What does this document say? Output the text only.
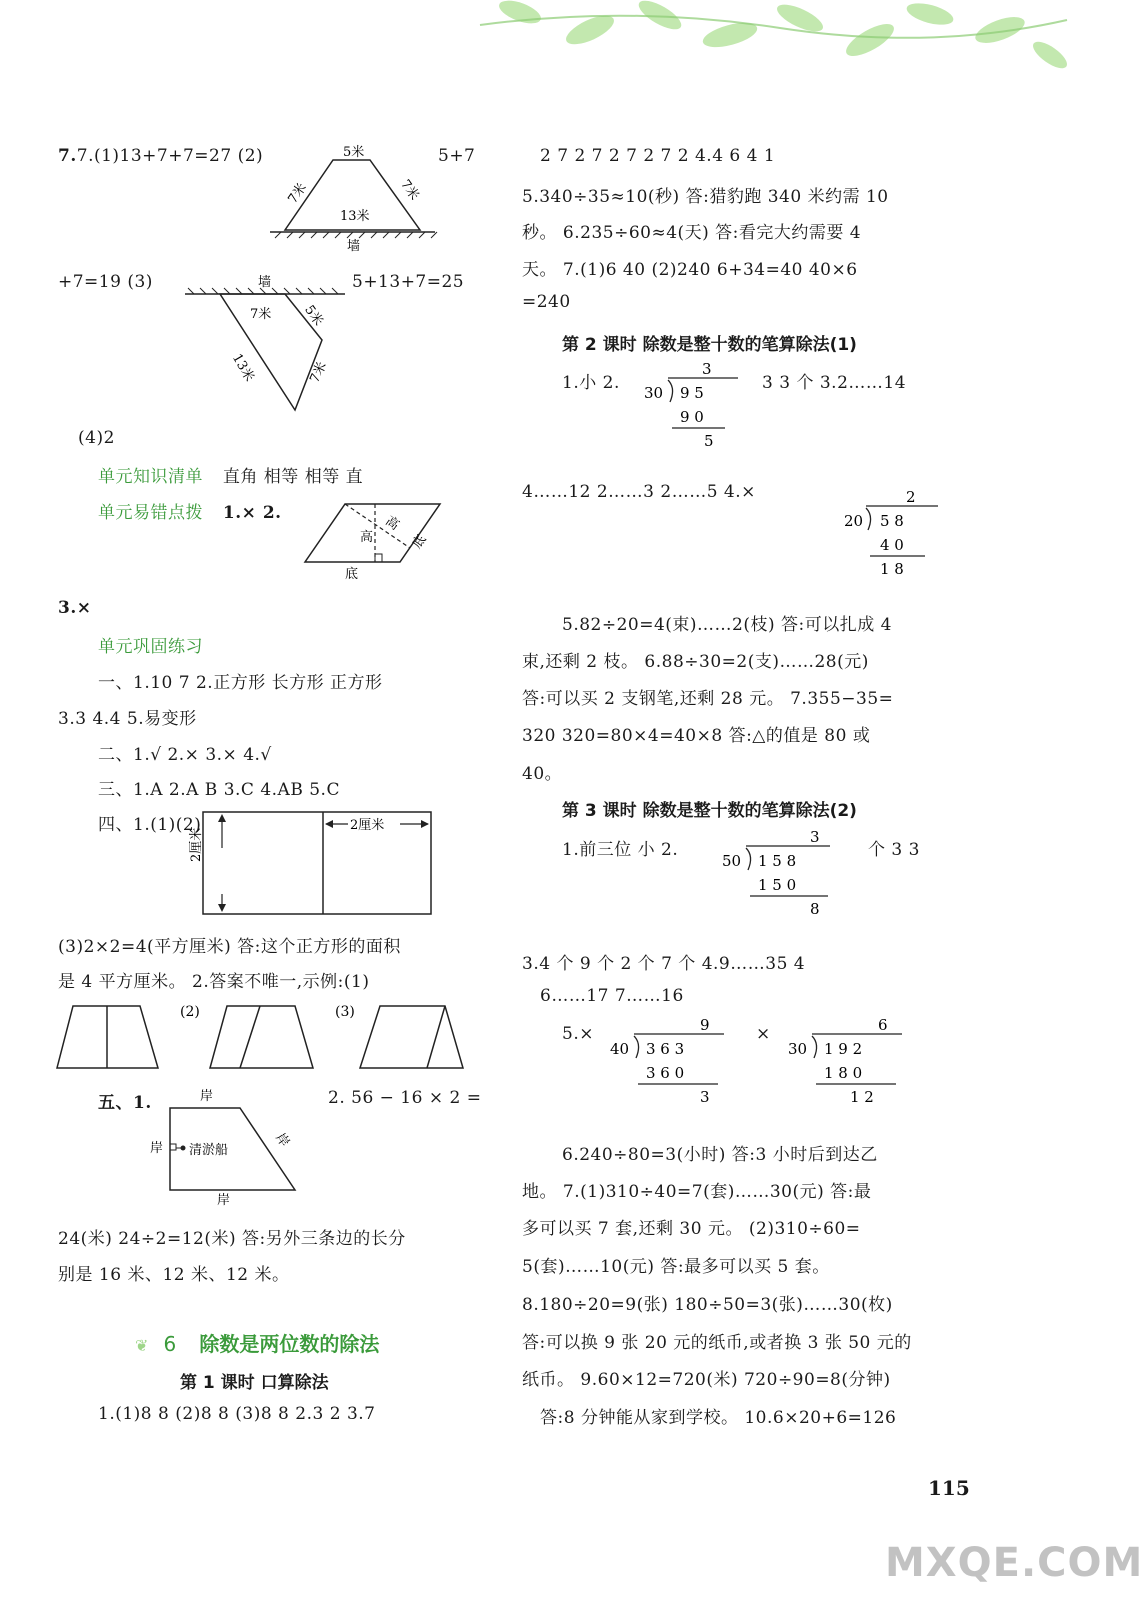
7.7.(1)13+7+7=27 (2)	5+7
5米
7米	7米
13米
墙
+7=19 (3)	5+13+7=25
墙
7米 5米
13米	7米
(4)2
单元知识清单 直角 相等 相等 直
单元易错点拨 1.× 2.
高
高
底
底
3.×
单元巩固练习
一、1.10 7 2.正方形 长方形 正方形
3.3 4.4 5.易变形
二、1.√ 2.× 3.× 4.√
三、1.A 2.A B 3.C 4.AB 5.C
四、1.(1)(2)	2厘米
2厘米
(3)2×2=4(平方厘米) 答:这个正方形的面积
是 4 平方厘米。 2.答案不唯一,示例:(1)
(2)	(3)
五、1.	2. 56 − 16 × 2 =
岸
岸	岸
岸
清淤船
24(米) 24÷2=12(米) 答:另外三条边的长分
别是 16 米、12 米、12 米。
❦ 6 除数是两位数的除法
第 1 课时 口算除法
1.(1)8 8 (2)8 8 (3)8 8 2.3 2 3.7
2 7 2 7 2 7 2 7 2 4.4 6 4 1
5.340÷35≈10(秒) 答:猎豹跑 340 米约需 10
秒。 6.235÷60≈4(天) 答:看完大约需要 4
天。 7.(1)6 40 (2)240 6+34=40 40×6
=240
第 2 课时 除数是整十数的笔算除法(1)
1.小 2.	3 3 个 3.2……14
3
30 9 5
9 0
5
4……12 2……3 2……5 4.×	2
20 5 8
4 0
1 8
5.82÷20=4(束)……2(枝) 答:可以扎成 4
束,还剩 2 枝。 6.88÷30=2(支)……28(元)
答:可以买 2 支钢笔,还剩 28 元。 7.355−35=
320 320=80×4=40×8 答:△的值是 80 或
40。
第 3 课时 除数是整十数的笔算除法(2)
1.前三位 小 2.	个 3 3
3
50 1 5 8
1 5 0
8
3.4 个 9 个 2 个 7 个 4.9……35 4
6……17 7……16
5.×	×
9
40 3 6 3
3 6 0
3
6
30 1 9 2
1 8 0
1 2
6.240÷80=3(小时) 答:3 小时后到达乙
地。 7.(1)310÷40=7(套)……30(元) 答:最
多可以买 7 套,还剩 30 元。 (2)310÷60=
5(套)……10(元) 答:最多可以买 5 套。
8.180÷20=9(张) 180÷50=3(张)……30(枚)
答:可以换 9 张 20 元的纸币,或者换 3 张 50 元的
纸币。 9.60×12=720(米) 720÷90=8(分钟)
答:8 分钟能从家到学校。 10.6×20+6=126
115
MXQE.COM
